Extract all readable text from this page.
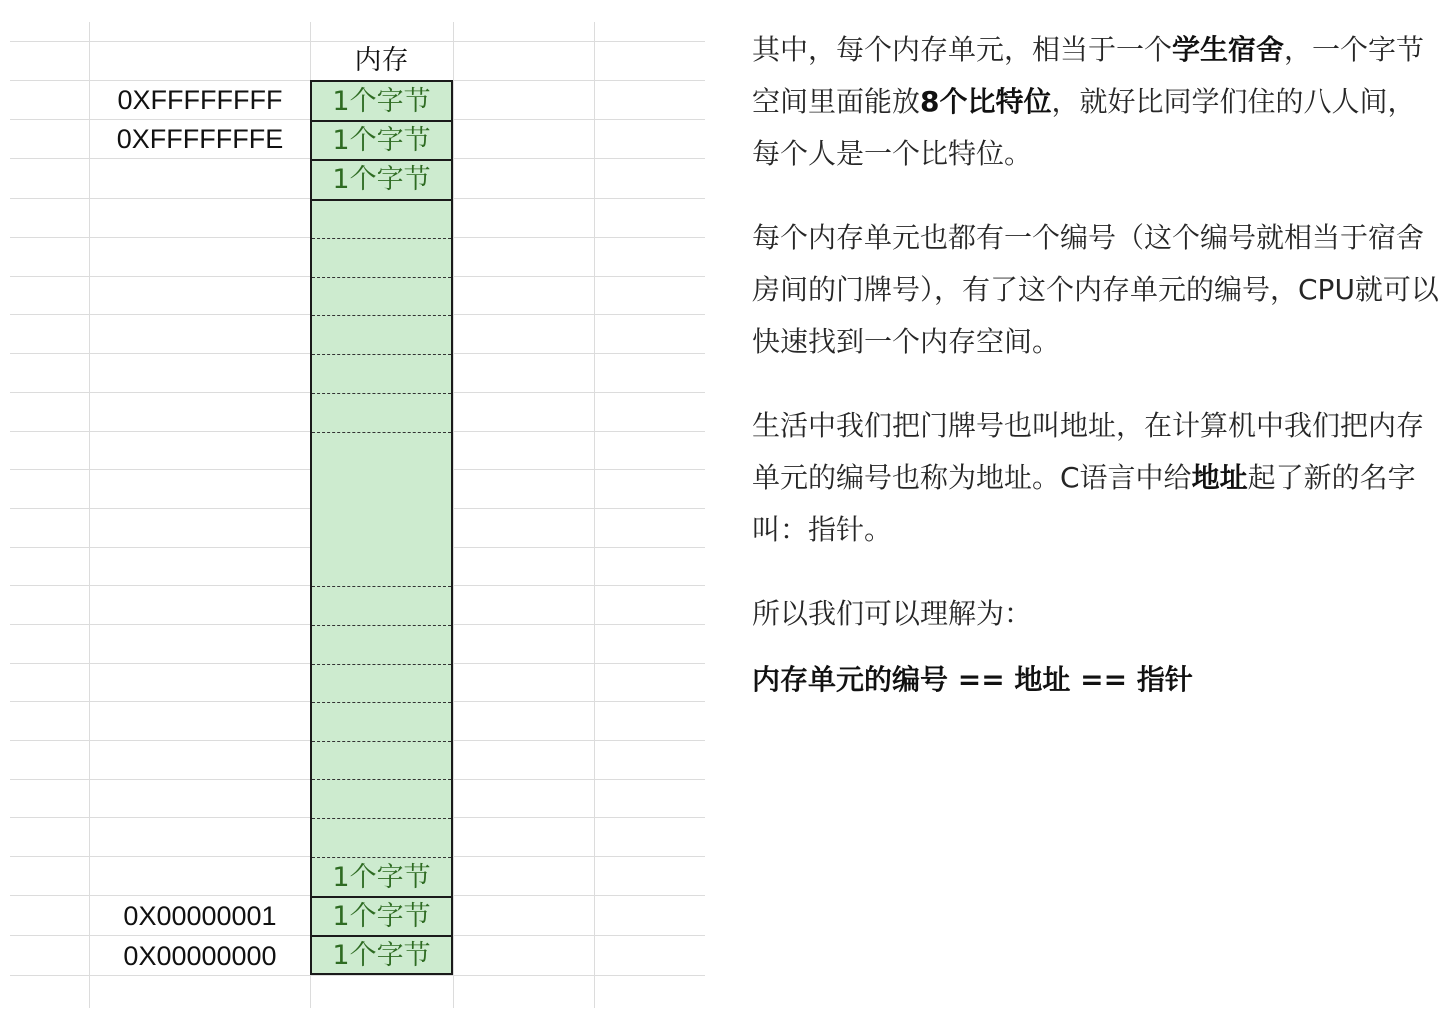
内存
0XFFFFFFFF
0XFFFFFFFE
0X00000001
0X00000000
1个字节
1个字节
1个字节
1个字节
1个字节
1个字节

其中，每个内存单元，相当于一个学生宿舍，一个字节空间里面能放8个比特位，就好比同学们住的八人间，每个人是一个比特位。

每个内存单元也都有一个编号（这个编号就相当于宿舍房间的门牌号），有了这个内存单元的编号，CPU就可以快速找到一个内存空间。

生活中我们把门牌号也叫地址，在计算机中我们把内存单元的编号也称为地址。C语言中给地址起了新的名字叫：指针。

所以我们可以理解为：

内存单元的编号 == 地址 == 指针
